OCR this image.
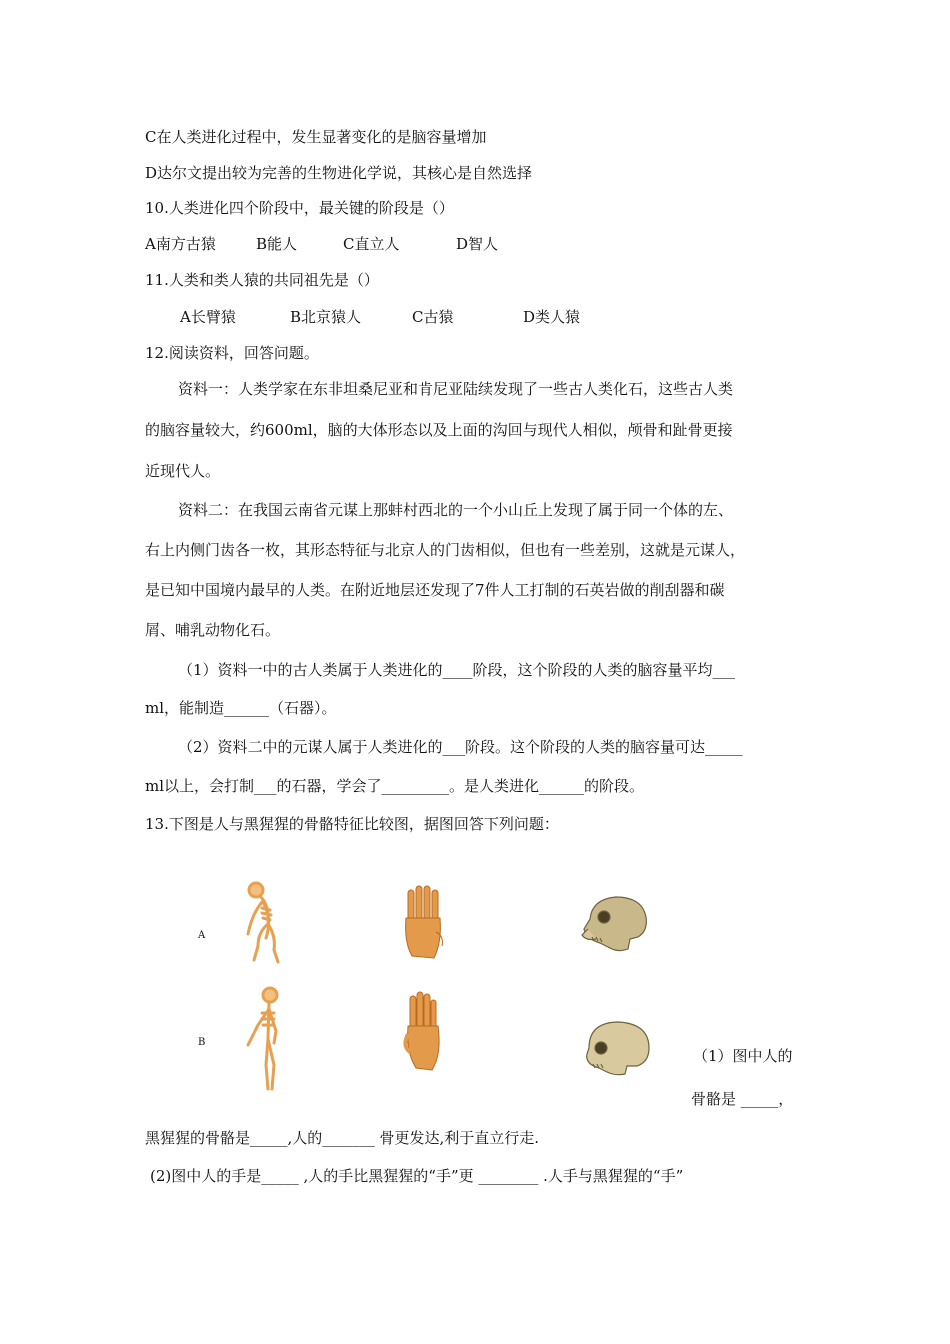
C在人类进化过程中，发生显著变化的是脑容量增加
D达尔文提出较为完善的生物进化学说，其核心是自然选择
10.人类进化四个阶段中，最关键的阶段是（）
A南方古猿	B能人	C直立人	D智人
11.人类和类人猿的共同祖先是（）
A长臂猿	B北京猿人	C古猿	D类人猿
12.阅读资料，回答问题。
资料一：人类学家在东非坦桑尼亚和肯尼亚陆续发现了一些古人类化石，这些古人类
的脑容量较大，约600ml，脑的大体形态以及上面的沟回与现代人相似，颅骨和趾骨更接
近现代人。
资料二：在我国云南省元谋上那蚌村西北的一个小山丘上发现了属于同一个体的左、
右上内侧门齿各一枚，其形态特征与北京人的门齿相似，但也有一些差别，这就是元谋人，
是已知中国境内最早的人类。在附近地层还发现了7件人工打制的石英岩做的削刮器和碳
屑、哺乳动物化石。
（1）资料一中的古人类属于人类进化的____阶段，这个阶段的人类的脑容量平均___
ml，能制造______（石器）。
（2）资料二中的元谋人属于人类进化的___阶段。这个阶段的人类的脑容量可达_____
ml以上，会打制___的石器，学会了_________。是人类进化______的阶段。
13.下图是人与黑猩猩的骨骼特征比较图，据图回答下列问题：
A
B
（1）图中人的
骨骼是 _____，
黑猩猩的骨骼是_____,人的_______ 骨更发达,利于直立行走.
(2)图中人的手是_____ ,人的手比黑猩猩的“手”更 ________ .人手与黑猩猩的“手”
